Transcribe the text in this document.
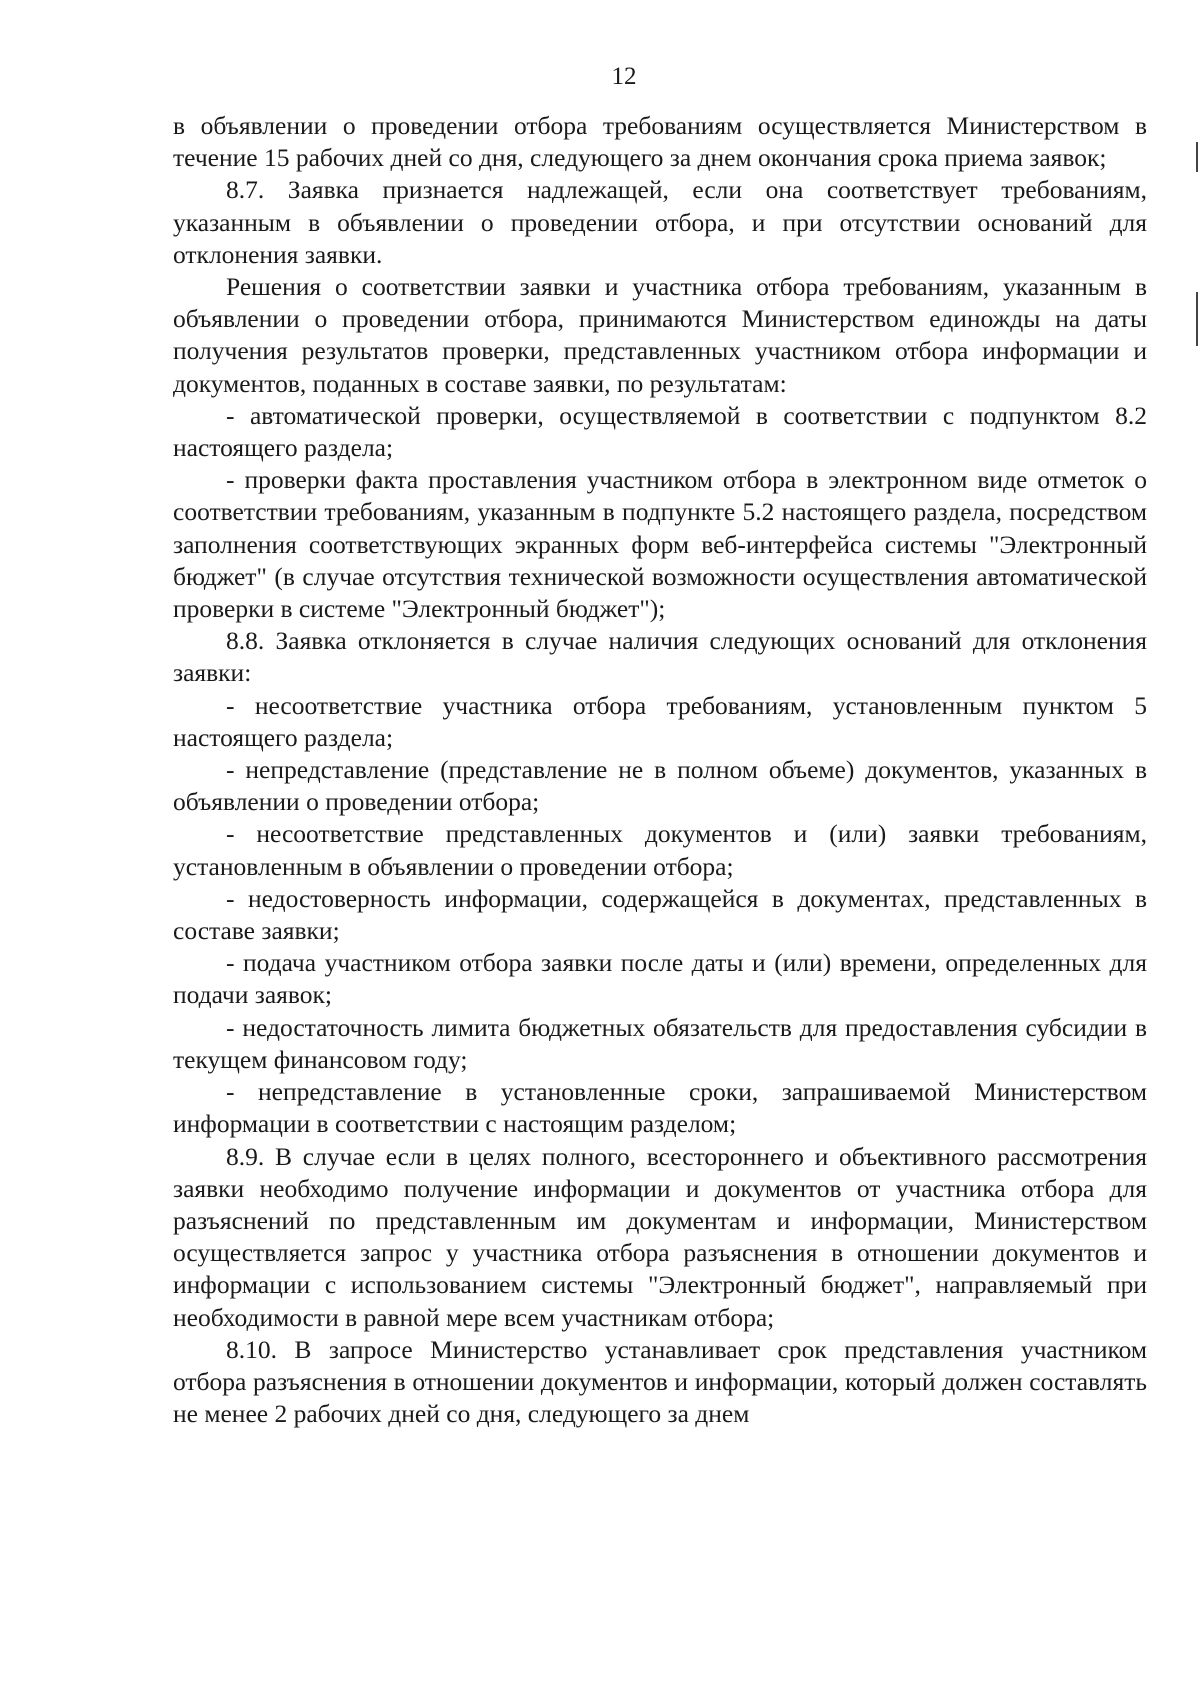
12

в объявлении о проведении отбора требованиям осуществляется Министерством в течение 15 рабочих дней со дня, следующего за днем окончания срока приема заявок;

8.7. Заявка признается надлежащей, если она соответствует требованиям, указанным в объявлении о проведении отбора, и при отсутствии оснований для отклонения заявки.

Решения о соответствии заявки и участника отбора требованиям, указанным в объявлении о проведении отбора, принимаются Министерством единожды на даты получения результатов проверки, представленных участником отбора информации и документов, поданных в составе заявки, по результатам:

- автоматической проверки, осуществляемой в соответствии с подпунктом 8.2 настоящего раздела;

- проверки факта проставления участником отбора в электронном виде отметок о соответствии требованиям, указанным в подпункте 5.2 настоящего раздела, посредством заполнения соответствующих экранных форм веб-интерфейса системы "Электронный бюджет" (в случае отсутствия технической возможности осуществления автоматической проверки в системе "Электронный бюджет");

8.8. Заявка отклоняется в случае наличия следующих оснований для отклонения заявки:

- несоответствие участника отбора требованиям, установленным пунктом 5 настоящего раздела;

- непредставление (представление не в полном объеме) документов, указанных в объявлении о проведении отбора;

- несоответствие представленных документов и (или) заявки требованиям, установленным в объявлении о проведении отбора;

- недостоверность информации, содержащейся в документах, представленных в составе заявки;

- подача участником отбора заявки после даты и (или) времени, определенных для подачи заявок;

- недостаточность лимита бюджетных обязательств для предоставления субсидии в текущем финансовом году;

- непредставление в установленные сроки, запрашиваемой Министерством информации в соответствии с настоящим разделом;

8.9. В случае если в целях полного, всестороннего и объективного рассмотрения заявки необходимо получение информации и документов от участника отбора для разъяснений по представленным им документам и информации, Министерством осуществляется запрос у участника отбора разъяснения в отношении документов и информации с использованием системы "Электронный бюджет", направляемый при необходимости в равной мере всем участникам отбора;

8.10. В запросе Министерство устанавливает срок представления участником отбора разъяснения в отношении документов и информации, который должен составлять не менее 2 рабочих дней со дня, следующего за днем
